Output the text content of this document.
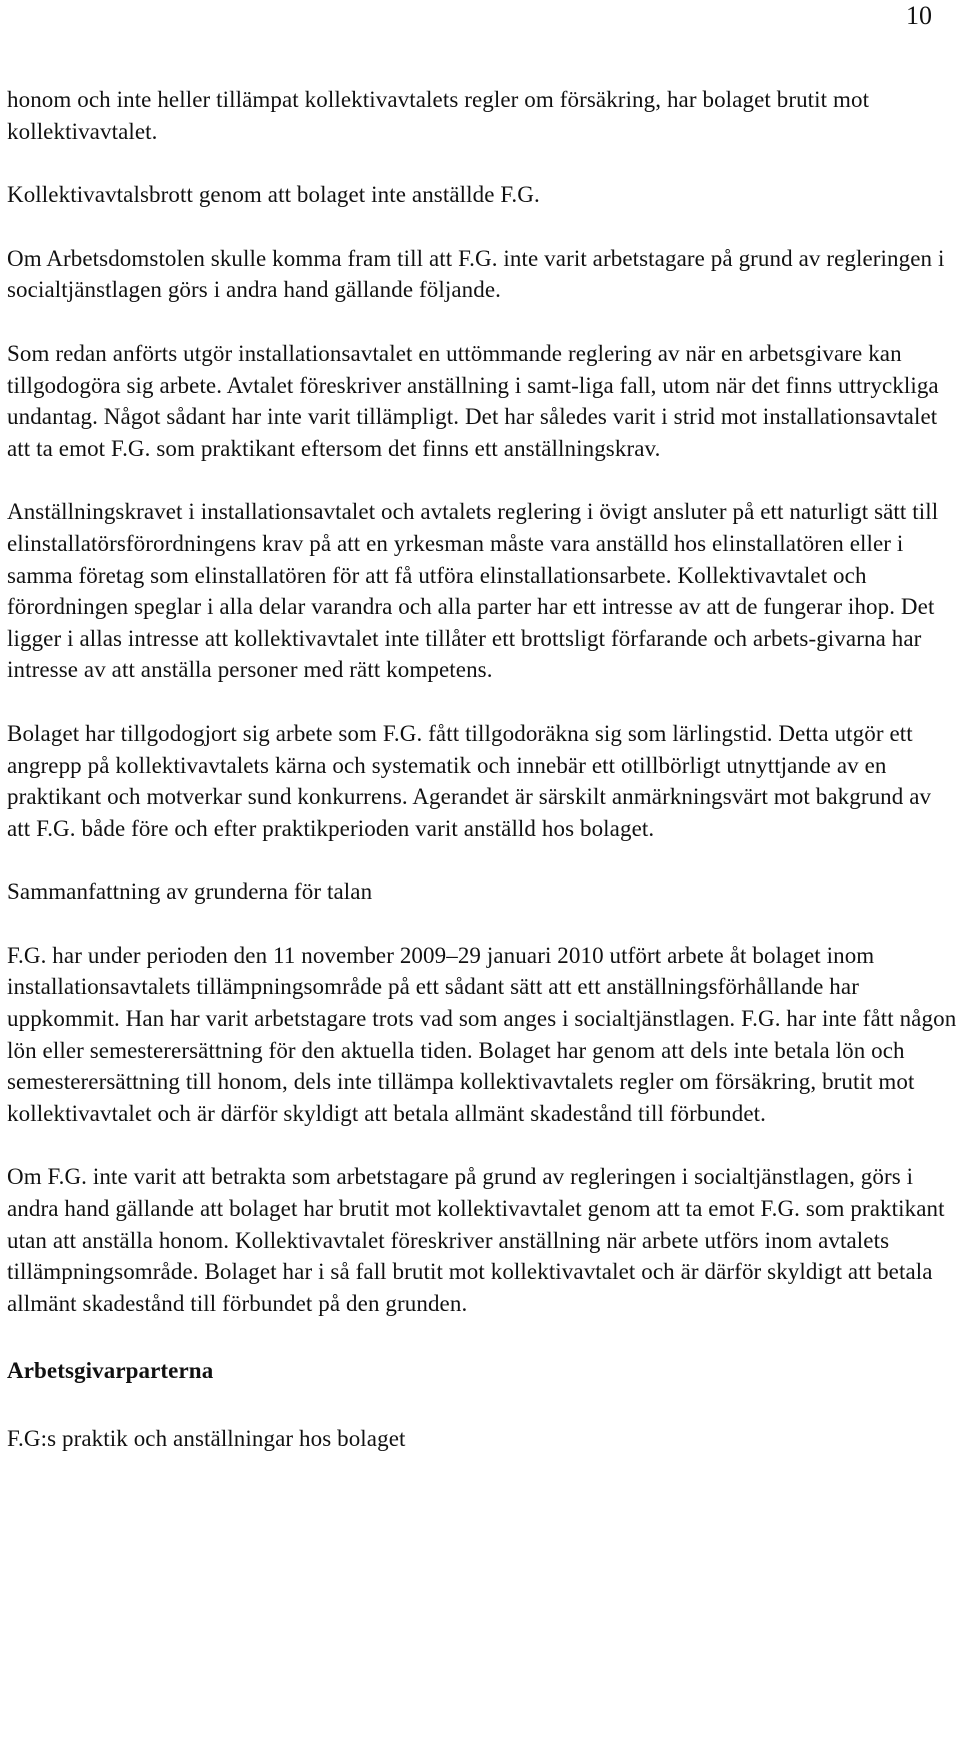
10

honom och inte heller tillämpat kollektivavtalets regler om försäkring, har bolaget brutit mot kollektivavtalet.

Kollektivavtalsbrott genom att bolaget inte anställde F.G.

Om Arbetsdomstolen skulle komma fram till att F.G. inte varit arbetstagare på grund av regleringen i socialtjänstlagen görs i andra hand gällande följande.

Som redan anförts utgör installationsavtalet en uttömmande reglering av när en arbetsgivare kan tillgodogöra sig arbete. Avtalet föreskriver anställning i samt-liga fall, utom när det finns uttryckliga undantag. Något sådant har inte varit tillämpligt. Det har således varit i strid mot installationsavtalet att ta emot F.G. som praktikant eftersom det finns ett anställningskrav.

Anställningskravet i installationsavtalet och avtalets reglering i övigt ansluter på ett naturligt sätt till elinstallatörsförordningens krav på att en yrkesman måste vara anställd hos elinstallatören eller i samma företag som elinstallatören för att få utföra elinstallationsarbete. Kollektivavtalet och förordningen speglar i alla delar varandra och alla parter har ett intresse av att de fungerar ihop. Det ligger i allas intresse att kollektivavtalet inte tillåter ett brottsligt förfarande och arbets-givarna har intresse av att anställa personer med rätt kompetens.

Bolaget har tillgodogjort sig arbete som F.G. fått tillgodoräkna sig som lärlingstid. Detta utgör ett angrepp på kollektivavtalets kärna och systematik och innebär ett otillbörligt utnyttjande av en praktikant och motverkar sund konkurrens. Agerandet är särskilt anmärkningsvärt mot bakgrund av att F.G. både före och efter praktikperioden varit anställd hos bolaget.

Sammanfattning av grunderna för talan

F.G. har under perioden den 11 november 2009–29 januari 2010 utfört arbete åt bolaget inom installationsavtalets tillämpningsområde på ett sådant sätt att ett anställningsförhållande har uppkommit. Han har varit arbetstagare trots vad som anges i socialtjänstlagen. F.G. har inte fått någon lön eller semesterersättning för den aktuella tiden. Bolaget har genom att dels inte betala lön och semesterersättning till honom, dels inte tillämpa kollektivavtalets regler om försäkring, brutit mot kollektivavtalet och är därför skyldigt att betala allmänt skadestånd till förbundet.

Om F.G. inte varit att betrakta som arbetstagare på grund av regleringen i socialtjänstlagen, görs i andra hand gällande att bolaget har brutit mot kollektivavtalet genom att ta emot F.G. som praktikant utan att anställa honom. Kollektivavtalet föreskriver anställning när arbete utförs inom avtalets tillämpningsområde. Bolaget har i så fall brutit mot kollektivavtalet och är därför skyldigt att betala allmänt skadestånd till förbundet på den grunden.

Arbetsgivarparterna

F.G:s praktik och anställningar hos bolaget
